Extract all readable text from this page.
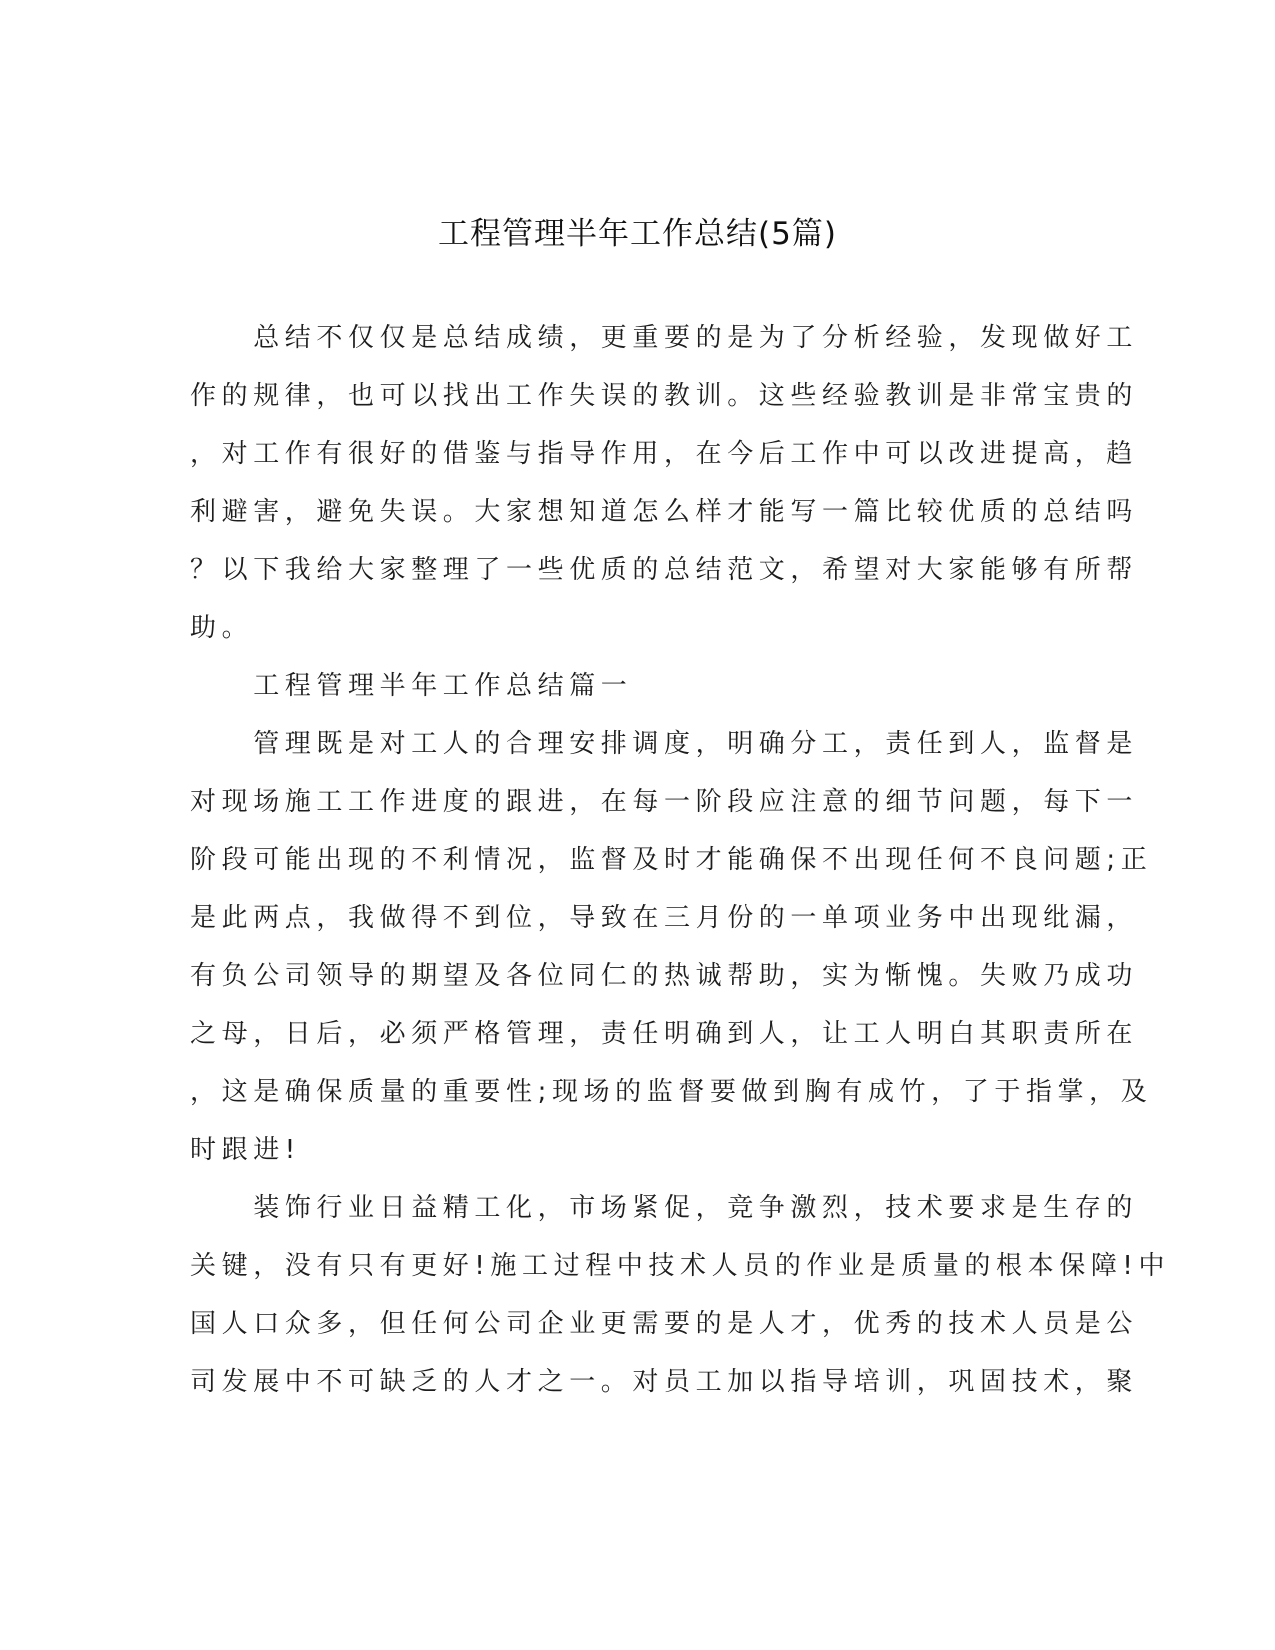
工程管理半年工作总结(5篇)
　　总结不仅仅是总结成绩，更重要的是为了分析经验，发现做好工
作的规律，也可以找出工作失误的教训。这些经验教训是非常宝贵的
，对工作有很好的借鉴与指导作用，在今后工作中可以改进提高，趋
利避害，避免失误。大家想知道怎么样才能写一篇比较优质的总结吗
？以下我给大家整理了一些优质的总结范文，希望对大家能够有所帮
助。
　　工程管理半年工作总结篇一
　　管理既是对工人的合理安排调度，明确分工，责任到人，监督是
对现场施工工作进度的跟进，在每一阶段应注意的细节问题，每下一
阶段可能出现的不利情况，监督及时才能确保不出现任何不良问题;正
是此两点，我做得不到位，导致在三月份的一单项业务中出现纰漏，
有负公司领导的期望及各位同仁的热诚帮助，实为惭愧。失败乃成功
之母，日后，必须严格管理，责任明确到人，让工人明白其职责所在
，这是确保质量的重要性;现场的监督要做到胸有成竹，了于指掌，及
时跟进!
　　装饰行业日益精工化，市场紧促，竞争激烈，技术要求是生存的
关键，没有只有更好!施工过程中技术人员的作业是质量的根本保障!中
国人口众多，但任何公司企业更需要的是人才，优秀的技术人员是公
司发展中不可缺乏的人才之一。对员工加以指导培训，巩固技术，聚
